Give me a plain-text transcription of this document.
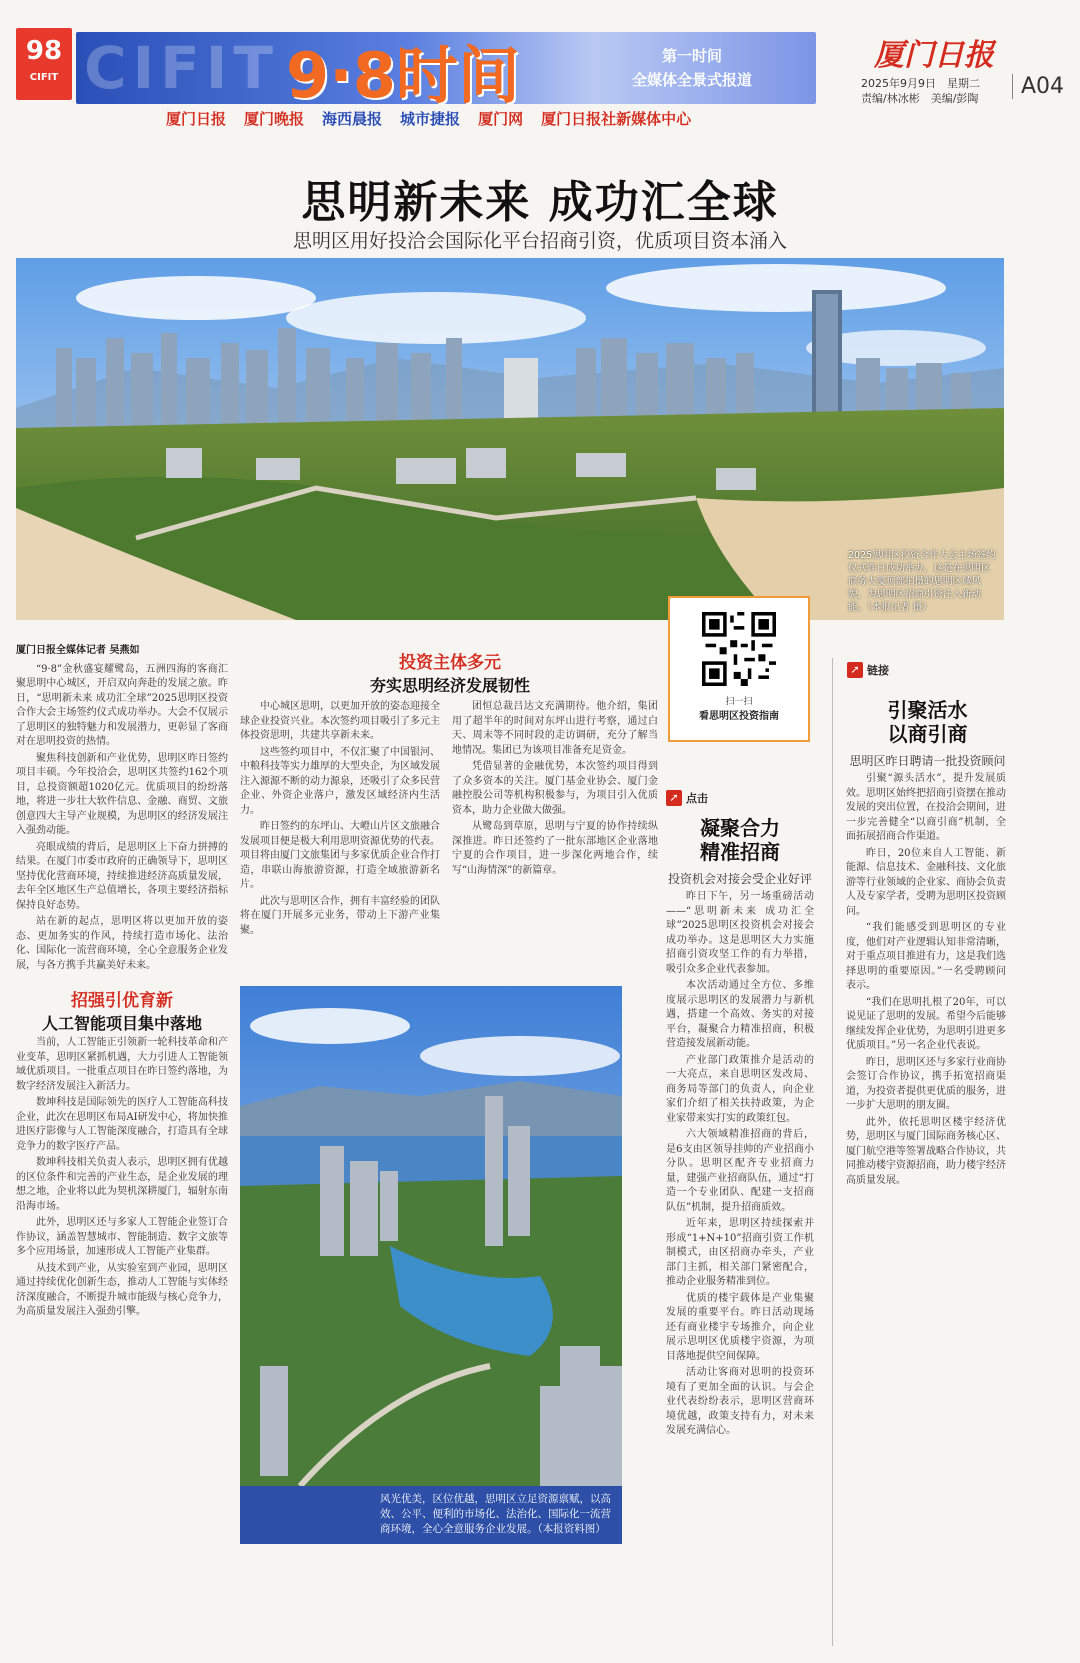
98
CIFIT CIFIT 9·8时间	第一时间
全媒体全景式报道
厦门日报 厦门晚报 海西晨报 城市捷报 厦门网 厦门日报社新媒体中心
厦门日报
2025年9月9日　星期二
责编/林冰彬　美编/彭陶	A04
思明新未来 成功汇全球
思明区用好投洽会国际化平台招商引资，优质项目资本涌入
2025思明区投资合作大会主场签约仪式昨日成功举办，这是在思明区商务大厦顶部拍摄的思明区域风貌，为思明区招商引资注入新动能。（本报记者 摄）
厦门日报全媒体记者 吴燕如

“9·8”金秋盛宴耀鹭岛，五洲四海的客商汇聚思明中心城区，开启双向奔赴的发展之旅。昨日，“思明新未来 成功汇全球”2025思明区投资合作大会主场签约仪式成功举办。大会不仅展示了思明区的独特魅力和发展潜力，更彰显了客商对在思明投资的热情。

聚焦科技创新和产业优势，思明区昨日签约项目丰硕。今年投洽会，思明区共签约162个项目，总投资额超1020亿元。优质项目的纷纷落地，将进一步壮大软件信息、金融、商贸、文旅创意四大主导产业规模，为思明区的经济发展注入强劲动能。

亮眼成绩的背后，是思明区上下奋力拼搏的结果。在厦门市委市政府的正确领导下，思明区坚持优化营商环境，持续推进经济高质量发展，去年全区地区生产总值增长，各项主要经济指标保持良好态势。

站在新的起点，思明区将以更加开放的姿态、更加务实的作风，持续打造市场化、法治化、国际化一流营商环境，全心全意服务企业发展，与各方携手共赢美好未来。

招强引优育新
人工智能项目集中落地

当前，人工智能正引领新一轮科技革命和产业变革，思明区紧抓机遇，大力引进人工智能领域优质项目。一批重点项目在昨日签约落地，为数字经济发展注入新活力。

数坤科技是国际领先的医疗人工智能高科技企业，此次在思明区布局AI研发中心，将加快推进医疗影像与人工智能深度融合，打造具有全球竞争力的数字医疗产品。

数坤科技相关负责人表示，思明区拥有优越的区位条件和完善的产业生态，是企业发展的理想之地，企业将以此为契机深耕厦门，辐射东南沿海市场。

此外，思明区还与多家人工智能企业签订合作协议，涵盖智慧城市、智能制造、数字文旅等多个应用场景，加速形成人工智能产业集群。

从技术到产业，从实验室到产业园，思明区通过持续优化创新生态，推动人工智能与实体经济深度融合，不断提升城市能级与核心竞争力，为高质量发展注入强劲引擎。

投资主体多元
夯实思明经济发展韧性

中心城区思明，以更加开放的姿态迎接全球企业投资兴业。本次签约项目吸引了多元主体投资思明，共建共享新未来。

这些签约项目中，不仅汇聚了中国银河、中粮科技等实力雄厚的大型央企，为区域发展注入源源不断的动力源泉，还吸引了众多民营企业、外资企业落户，激发区域经济内生活力。

昨日签约的东坪山、大嶝山片区文旅融合发展项目便是极大利用思明资源优势的代表。项目将由厦门文旅集团与多家优质企业合作打造，串联山海旅游资源，打造全域旅游新名片。

此次与思明区合作，拥有丰富经验的团队将在厦门开展多元业务，带动上下游产业集聚。

团恒总裁吕达文充满期待。他介绍，集团用了超半年的时间对东坪山进行考察，通过白天、周末等不同时段的走访调研，充分了解当地情况。集团已为该项目准备充足资金。

凭借显著的金融优势，本次签约项目得到了众多资本的关注。厦门基金业协会、厦门金融控股公司等机构积极参与，为项目引入优质资本，助力企业做大做强。

从鹭岛到草原，思明与宁夏的协作持续纵深推进。昨日还签约了一批东部地区企业落地宁夏的合作项目，进一步深化两地合作，续写“山海情深”的新篇章。

扫一扫
看思明区投资指南
➚ 点击
凝聚合力
精准招商
投资机会对接会受企业好评

昨日下午，另一场重磅活动——“思明新未来 成功汇全球”2025思明区投资机会对接会成功举办。这是思明区大力实施招商引资攻坚工作的有力举措，吸引众多企业代表参加。

本次活动通过全方位、多维度展示思明区的发展潜力与新机遇，搭建一个高效、务实的对接平台，凝聚合力精准招商，积极营造接发展新动能。

产业部门政策推介是活动的一大亮点，来自思明区发改局、商务局等部门的负责人，向企业家们介绍了相关扶持政策，为企业家带来实打实的政策红包。

六大领域精准招商的背后，是6支由区领导挂帅的产业招商小分队。思明区配齐专业招商力量，建强产业招商队伍，通过“打造一个专业团队、配建一支招商队伍”机制，提升招商质效。

近年来，思明区持续探索并形成“1+N+10”招商引资工作机制模式，由区招商办牵头，产业部门主抓，相关部门紧密配合，推动企业服务精准到位。

优质的楼宇载体是产业集聚发展的重要平台。昨日活动现场还有商业楼宇专场推介，向企业展示思明区优质楼宇资源，为项目落地提供空间保障。

活动让客商对思明的投资环境有了更加全面的认识。与会企业代表纷纷表示，思明区营商环境优越，政策支持有力，对未来发展充满信心。

➚ 链接
引聚活水
以商引商
思明区昨日聘请一批投资顾问

引聚“源头活水”，提升发展质效。思明区始终把招商引资摆在推动发展的突出位置，在投洽会期间，进一步完善健全“以商引商”机制，全面拓展招商合作渠道。

昨日，20位来自人工智能、新能源、信息技术、金融科技、文化旅游等行业领域的企业家、商协会负责人及专家学者，受聘为思明区投资顾问。

“我们能感受到思明区的专业度，他们对产业逻辑认知非常清晰，对于重点项目推进有力，这是我们选择思明的重要原因。”一名受聘顾问表示。

“我们在思明扎根了20年，可以说见证了思明的发展。希望今后能够继续发挥企业优势，为思明引进更多优质项目。”另一名企业代表说。

昨日，思明区还与多家行业商协会签订合作协议，携手拓宽招商渠道，为投资者提供更优质的服务，进一步扩大思明的朋友圈。

此外，依托思明区楼宇经济优势，思明区与厦门国际商务核心区、厦门航空港等签署战略合作协议，共同推动楼宇资源招商，助力楼宇经济高质量发展。

风光优美，区位优越，思明区立足资源禀赋，以高效、公平、便利的市场化、法治化、国际化一流营商环境，全心全意服务企业发展。（本报资料图）
